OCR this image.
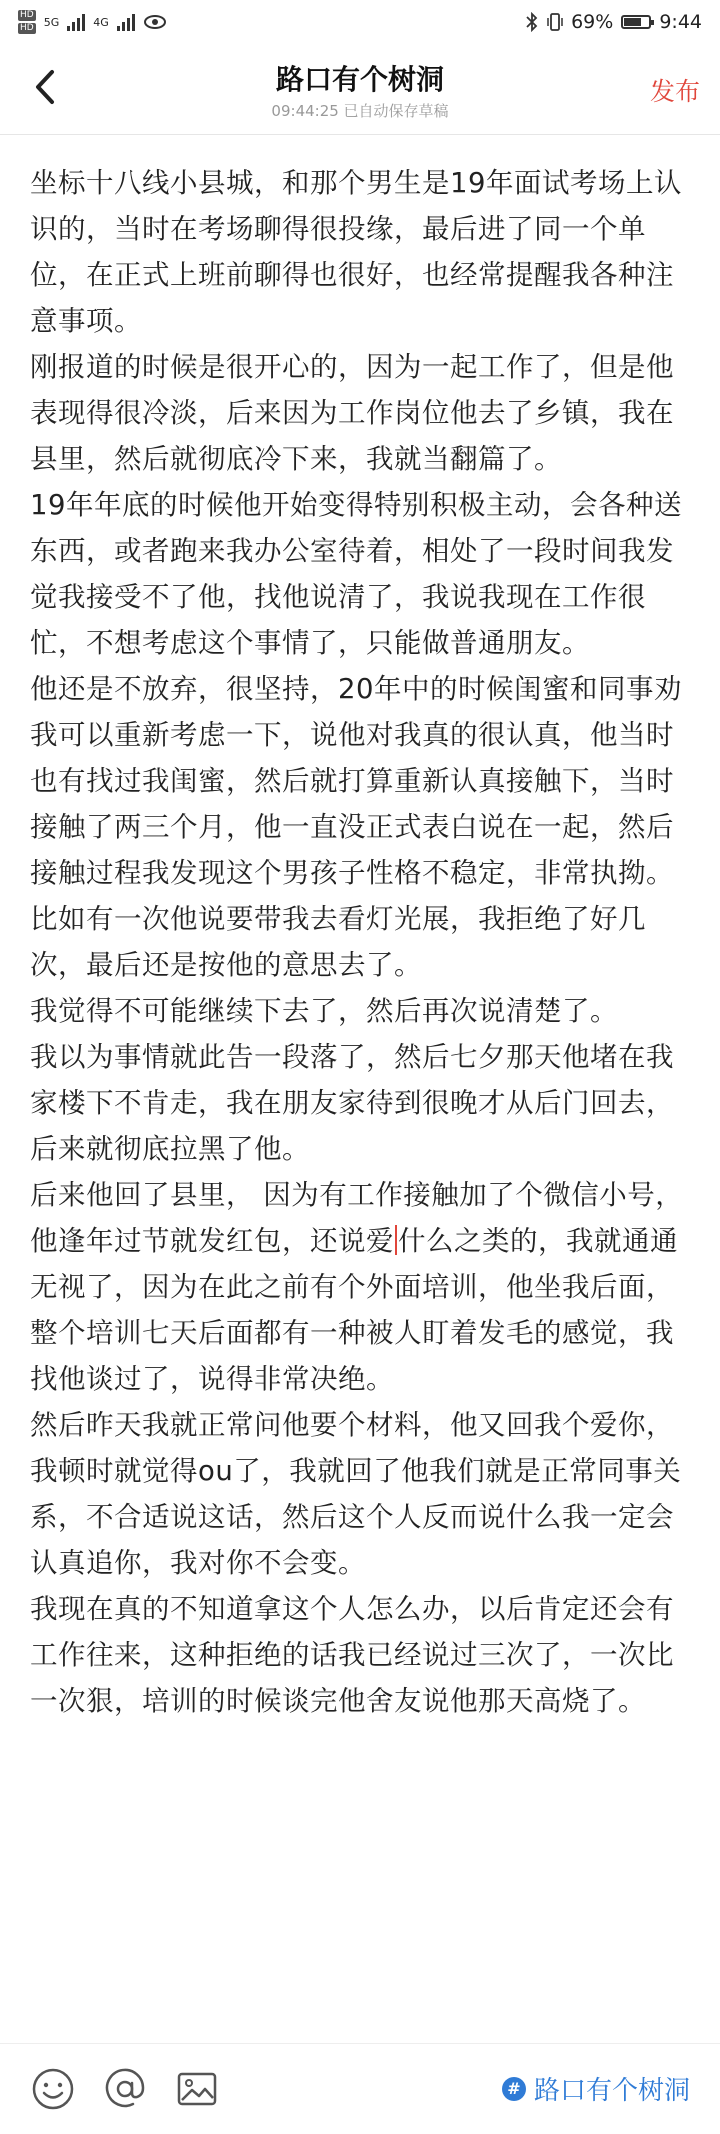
HD
HD 5G	4G	69% 9:44
路口有个树洞
09:44:25 已自动保存草稿
发布

坐标十八线小县城，和那个男生是19年面试考场上认识的，当时在考场聊得很投缘，最后进了同一个单位，在正式上班前聊得也很好，也经常提醒我各种注意事项。

刚报道的时候是很开心的，因为一起工作了，但是他表现得很冷淡，后来因为工作岗位他去了乡镇，我在县里，然后就彻底冷下来，我就当翻篇了。

19年年底的时候他开始变得特别积极主动，会各种送东西，或者跑来我办公室待着，相处了一段时间我发觉我接受不了他，找他说清了，我说我现在工作很忙，不想考虑这个事情了，只能做普通朋友。

他还是不放弃，很坚持，20年中的时候闺蜜和同事劝我可以重新考虑一下，说他对我真的很认真，他当时也有找过我闺蜜，然后就打算重新认真接触下，当时接触了两三个月，他一直没正式表白说在一起，然后接触过程我发现这个男孩子性格不稳定，非常执拗。比如有一次他说要带我去看灯光展，我拒绝了好几次，最后还是按他的意思去了。

我觉得不可能继续下去了，然后再次说清楚了。

我以为事情就此告一段落了，然后七夕那天他堵在我家楼下不肯走，我在朋友家待到很晚才从后门回去，后来就彻底拉黑了他。

后来他回了县里， 因为有工作接触加了个微信小号，他逢年过节就发红包，还说爱 什么之类的，我就通通无视了，因为在此之前有个外面培训，他坐我后面，整个培训七天后面都有一种被人盯着发毛的感觉，我找他谈过了，说得非常决绝。

然后昨天我就正常问他要个材料，他又回我个爱你，我顿时就觉得ou了，我就回了他我们就是正常同事关系，不合适说这话，然后这个人反而说什么我一定会认真追你，我对你不会变。

我现在真的不知道拿这个人怎么办，以后肯定还会有工作往来，这种拒绝的话我已经说过三次了，一次比一次狠，培训的时候谈完他舍友说他那天高烧了。

# 路口有个树洞
